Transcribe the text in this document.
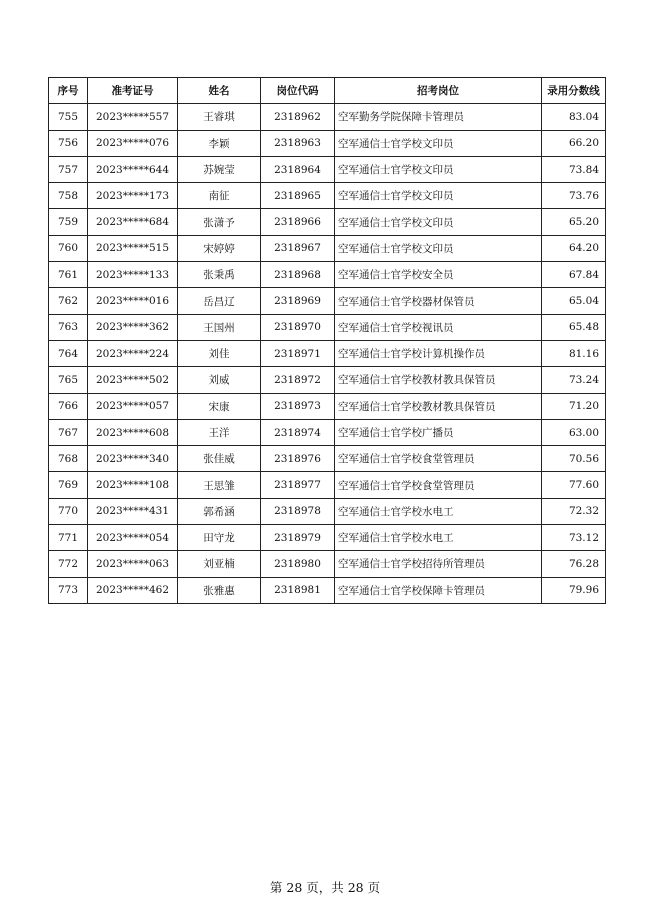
序号	准考证号	姓名	岗位代码	招考岗位	录用分数线
755	2023*****557	王睿琪	2318962	空军勤务学院保障卡管理员	83.04
756	2023*****076	李颖	2318963	空军通信士官学校文印员	66.20
757	2023*****644	苏婉莹	2318964	空军通信士官学校文印员	73.84
758	2023*****173	南征	2318965	空军通信士官学校文印员	73.76
759	2023*****684	张潇予	2318966	空军通信士官学校文印员	65.20
760	2023*****515	宋婷婷	2318967	空军通信士官学校文印员	64.20
761	2023*****133	张秉禹	2318968	空军通信士官学校安全员	67.84
762	2023*****016	岳昌辽	2318969	空军通信士官学校器材保管员	65.04
763	2023*****362	王国州	2318970	空军通信士官学校视讯员	65.48
764	2023*****224	刘佳	2318971	空军通信士官学校计算机操作员	81.16
765	2023*****502	刘威	2318972	空军通信士官学校教材教具保管员	73.24
766	2023*****057	宋康	2318973	空军通信士官学校教材教具保管员	71.20
767	2023*****608	王洋	2318974	空军通信士官学校广播员	63.00
768	2023*****340	张佳威	2318976	空军通信士官学校食堂管理员	70.56
769	2023*****108	王思雏	2318977	空军通信士官学校食堂管理员	77.60
770	2023*****431	郭希涵	2318978	空军通信士官学校水电工	72.32
771	2023*****054	田守龙	2318979	空军通信士官学校水电工	73.12
772	2023*****063	刘亚楠	2318980	空军通信士官学校招待所管理员	76.28
773	2023*****462	张雅惠	2318981	空军通信士官学校保障卡管理员	79.96
第 28 页，共 28 页
